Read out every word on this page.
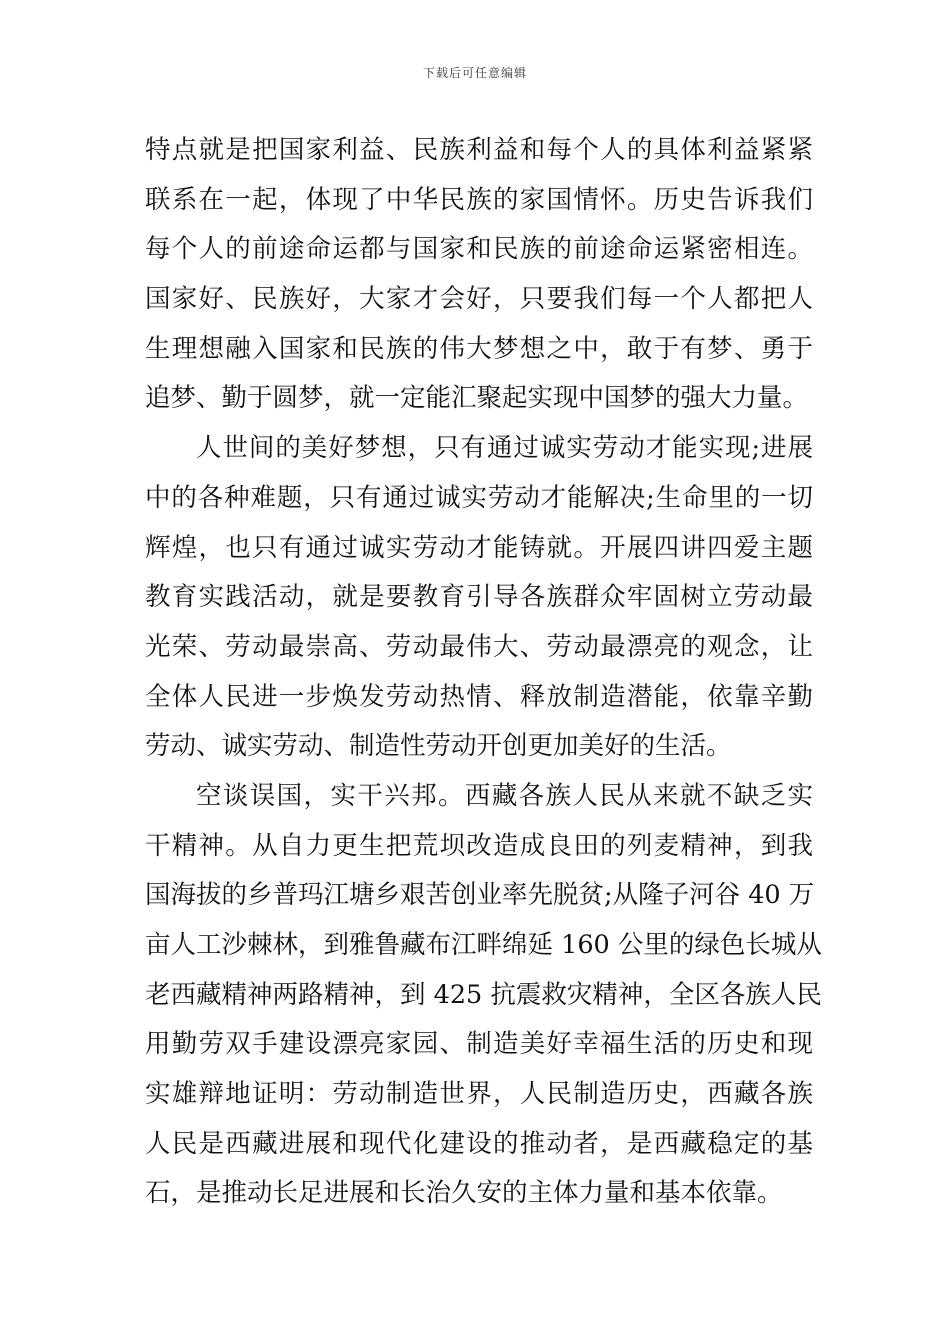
下载后可任意编辑
特点就是把国家利益、民族利益和每个人的具体利益紧紧
联系在一起，体现了中华民族的家国情怀。历史告诉我们
每个人的前途命运都与国家和民族的前途命运紧密相连。
国家好、民族好，大家才会好，只要我们每一个人都把人
生理想融入国家和民族的伟大梦想之中，敢于有梦、勇于
追梦、勤于圆梦，就一定能汇聚起实现中国梦的强大力量。
人世间的美好梦想，只有通过诚实劳动才能实现;进展
中的各种难题，只有通过诚实劳动才能解决;生命里的一切
辉煌，也只有通过诚实劳动才能铸就。开展四讲四爱主题
教育实践活动，就是要教育引导各族群众牢固树立劳动最
光荣、劳动最崇高、劳动最伟大、劳动最漂亮的观念，让
全体人民进一步焕发劳动热情、释放制造潜能，依靠辛勤
劳动、诚实劳动、制造性劳动开创更加美好的生活。
空谈误国，实干兴邦。西藏各族人民从来就不缺乏实
干精神。从自力更生把荒坝改造成良田的列麦精神，到我
国海拔的乡普玛江塘乡艰苦创业率先脱贫;从隆子河谷 40 万
亩人工沙棘林，到雅鲁藏布江畔绵延 160 公里的绿色长城从
老西藏精神两路精神，到 425 抗震救灾精神，全区各族人民
用勤劳双手建设漂亮家园、制造美好幸福生活的历史和现
实雄辩地证明：劳动制造世界，人民制造历史，西藏各族
人民是西藏进展和现代化建设的推动者，是西藏稳定的基
石，是推动长足进展和长治久安的主体力量和基本依靠。
